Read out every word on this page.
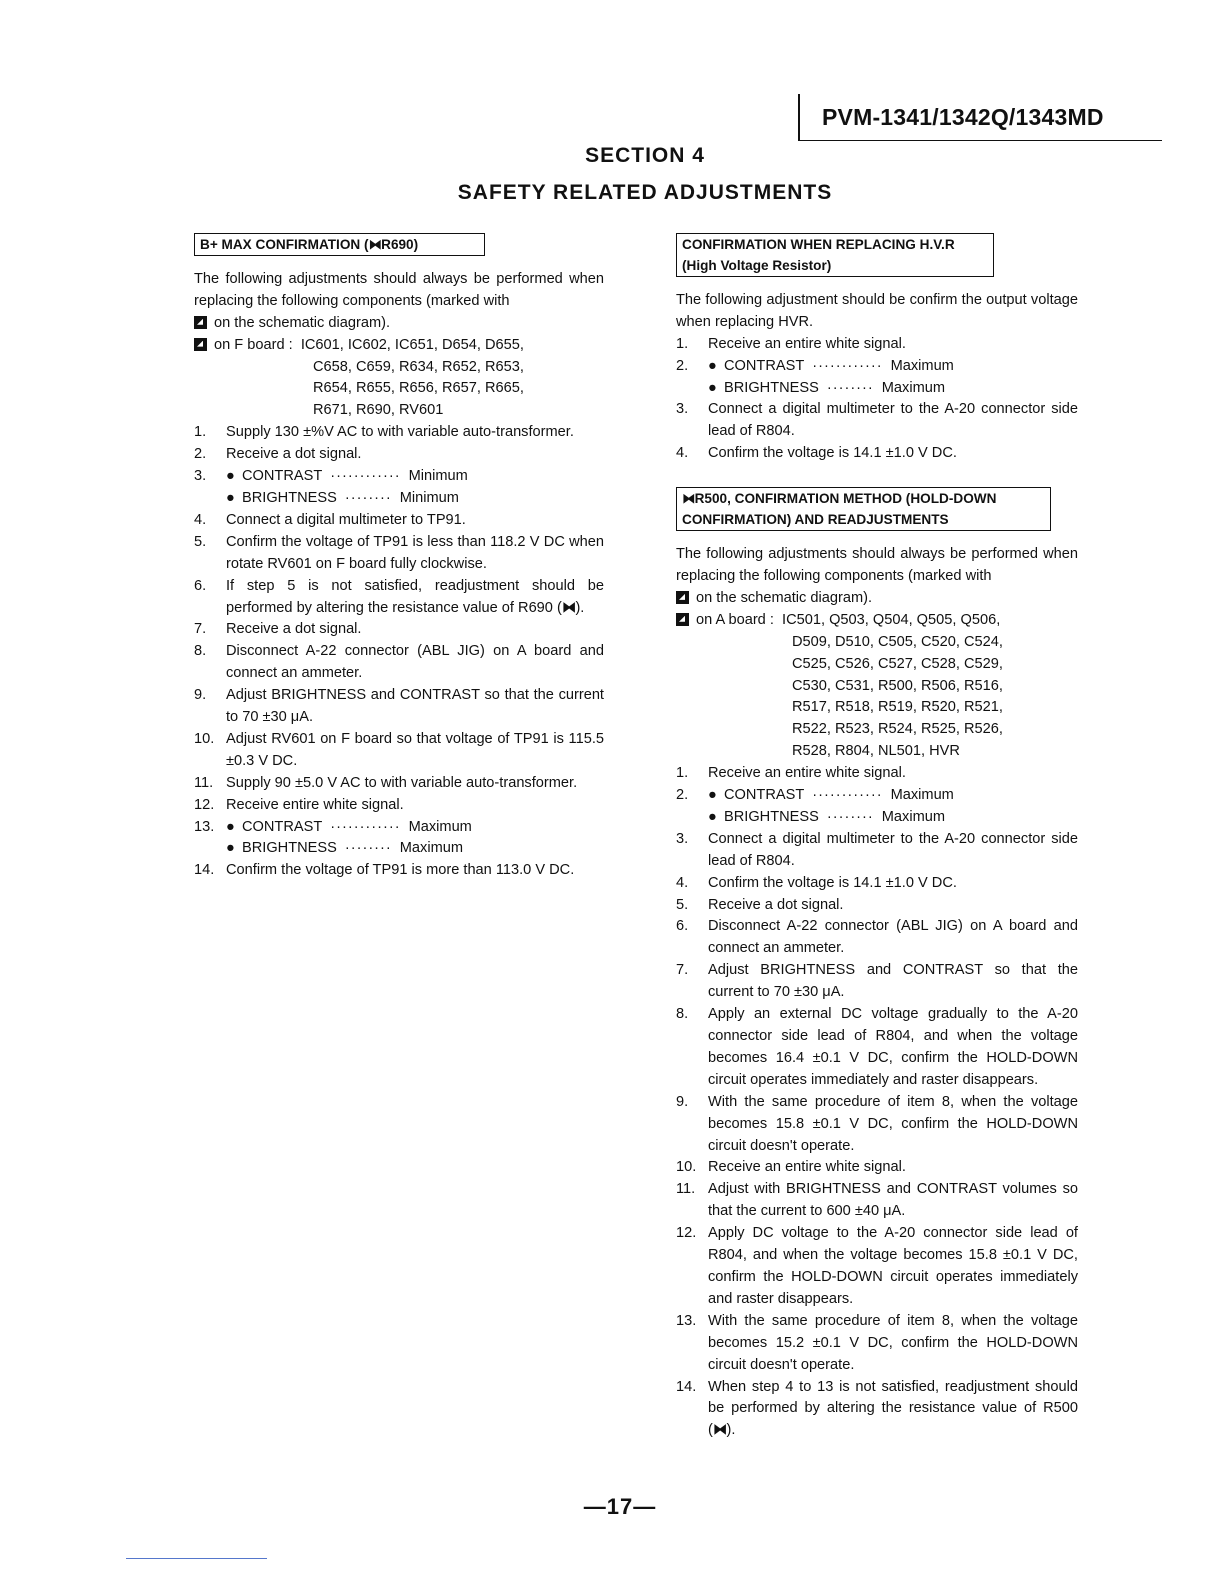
PVM-1341/1342Q/1343MD
SECTION 4
SAFETY RELATED ADJUSTMENTS
B+ MAX CONFIRMATION (⧓R690)
The following adjustments should always be performed when replacing the following components (marked with
on the schematic diagram).
on F board : IC601, IC602, IC651, D654, D655,
C658, C659, R634, R652, R653,
R654, R655, R656, R657, R665,
R671, R690, RV601
1.	Supply 130 ±%V AC to with variable auto-transformer.
2.	Receive a dot signal.
3.	● CONTRAST ············ Minimum
● BRIGHTNESS ········ Minimum
4.	Connect a digital multimeter to TP91.
5.	Confirm the voltage of TP91 is less than 118.2 V DC when rotate RV601 on F board fully clockwise.
6.	If step 5 is not satisfied, readjustment should be performed by altering the resistance value of R690 (⧓).
7.	Receive a dot signal.
8.	Disconnect A-22 connector (ABL JIG) on A board and connect an ammeter.
9.	Adjust BRIGHTNESS and CONTRAST so that the current to 70 ±30 μA.
10. Adjust RV601 on F board so that voltage of TP91 is 115.5 ±0.3 V DC.
11. Supply 90 ±5.0 V AC to with variable auto-transformer.
12. Receive entire white signal.
13. ● CONTRAST ············ Maximum
● BRIGHTNESS ········ Maximum
14. Confirm the voltage of TP91 is more than 113.0 V DC.
CONFIRMATION WHEN REPLACING H.V.R
(High Voltage Resistor)
The following adjustment should be confirm the output voltage when replacing HVR.
1.	Receive an entire white signal.
2.	● CONTRAST ············ Maximum
● BRIGHTNESS ········ Maximum
3.	Connect a digital multimeter to the A-20 connector side lead of R804.
4.	Confirm the voltage is 14.1 ±1.0 V DC.
⧓R500, CONFIRMATION METHOD (HOLD-DOWN
CONFIRMATION) AND READJUSTMENTS
The following adjustments should always be performed when replacing the following components (marked with
on the schematic diagram).
on A board : IC501, Q503, Q504, Q505, Q506,
D509, D510, C505, C520, C524,
C525, C526, C527, C528, C529,
C530, C531, R500, R506, R516,
R517, R518, R519, R520, R521,
R522, R523, R524, R525, R526,
R528, R804, NL501, HVR
1.	Receive an entire white signal.
2.	● CONTRAST ············ Maximum
● BRIGHTNESS ········ Maximum
3.	Connect a digital multimeter to the A-20 connector side lead of R804.
4.	Confirm the voltage is 14.1 ±1.0 V DC.
5.	Receive a dot signal.
6.	Disconnect A-22 connector (ABL JIG) on A board and connect an ammeter.
7.	Adjust BRIGHTNESS and CONTRAST so that the current to 70 ±30 μA.
8.	Apply an external DC voltage gradually to the A-20 connector side lead of R804, and when the voltage becomes 16.4 ±0.1 V DC, confirm the HOLD-DOWN circuit operates immediately and raster disappears.
9.	With the same procedure of item 8, when the voltage becomes 15.8 ±0.1 V DC, confirm the HOLD-DOWN circuit doesn't operate.
10. Receive an entire white signal.
11. Adjust with BRIGHTNESS and CONTRAST volumes so that the current to 600 ±40 μA.
12. Apply DC voltage to the A-20 connector side lead of R804, and when the voltage becomes 15.8 ±0.1 V DC, confirm the HOLD-DOWN circuit operates immediately and raster disappears.
13. With the same procedure of item 8, when the voltage becomes 15.2 ±0.1 V DC, confirm the HOLD-DOWN circuit doesn't operate.
14. When step 4 to 13 is not satisfied, readjustment should be performed by altering the resistance value of R500 (⧓).
—17—
